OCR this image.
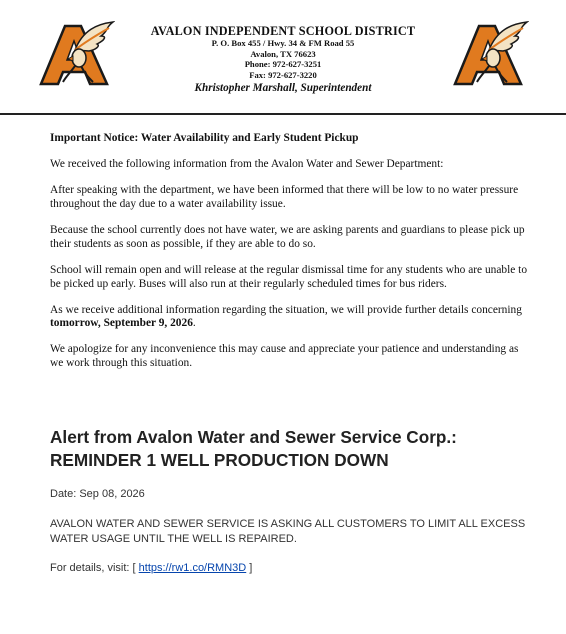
AVALON INDEPENDENT SCHOOL DISTRICT
P. O. Box 455 / Hwy. 34 & FM Road 55
Avalon, TX 76623
Phone: 972-627-3251
Fax: 972-627-3220
Khristopher Marshall, Superintendent

Important Notice: Water Availability and Early Student Pickup

We received the following information from the Avalon Water and Sewer Department:

After speaking with the department, we have been informed that there will be low to no water pressure throughout the day due to a water availability issue.

Because the school currently does not have water, we are asking parents and guardians to please pick up their students as soon as possible, if they are able to do so.

School will remain open and will release at the regular dismissal time for any students who are unable to be picked up early. Buses will also run at their regularly scheduled times for bus riders.

As we receive additional information regarding the situation, we will provide further details concerning tomorrow, September 9, 2026.

We apologize for any inconvenience this may cause and appreciate your patience and understanding as we work through this situation.

Alert from Avalon Water and Sewer Service Corp.:
REMINDER 1 WELL PRODUCTION DOWN
Date: Sep 08, 2026
AVALON WATER AND SEWER SERVICE IS ASKING ALL CUSTOMERS TO LIMIT ALL EXCESS WATER USAGE UNTIL THE WELL IS REPAIRED.
For details, visit: [ https://rw1.co/RMN3D ]
